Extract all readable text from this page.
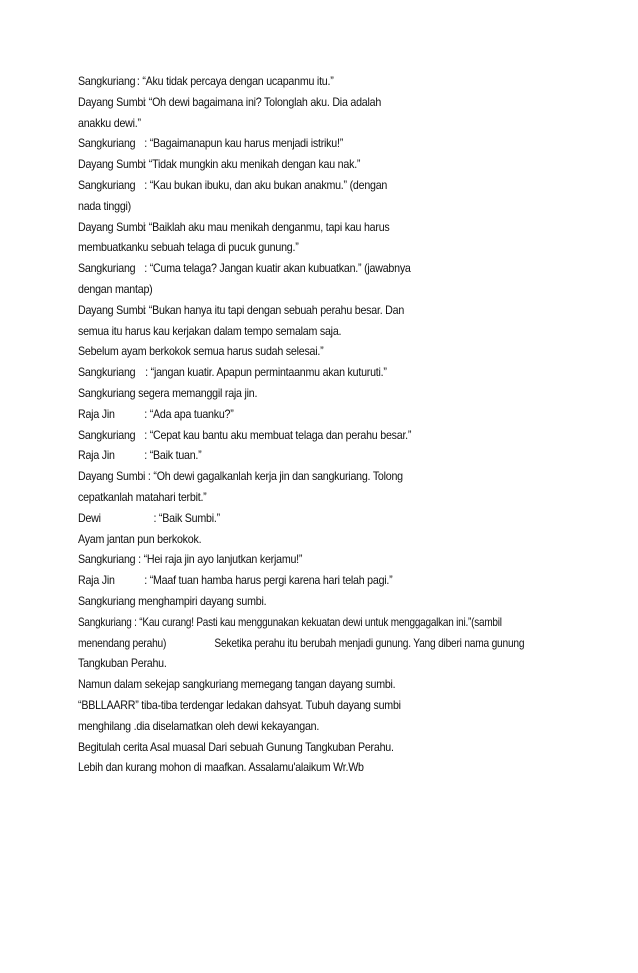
Sangkuriang : “Aku tidak percaya dengan ucapanmu itu.”
Dayang Sumbi
: “Oh dewi bagaimana ini? Tolonglah aku. Dia adalah
anakku dewi.”
Sangkuriang : “Bagaimanapun kau harus menjadi istriku!”
Dayang Sumbi
: “Tidak mungkin aku menikah dengan kau nak.”
Sangkuriang : “Kau bukan ibuku, dan aku bukan anakmu.” (dengan
nada tinggi)
Dayang Sumbi
: “Baiklah aku mau menikah denganmu, tapi kau harus
membuatkanku sebuah telaga di pucuk gunung.”
Sangkuriang : “Cuma telaga? Jangan kuatir akan kubuatkan.” (jawabnya
dengan mantap)
Dayang Sumbi
: “Bukan hanya itu tapi dengan sebuah perahu besar. Dan
semua itu harus kau kerjakan dalam tempo semalam saja.
Sebelum ayam berkokok semua harus sudah selesai.”
Sangkuriang : “jangan kuatir. Apapun permintaanmu akan kuturuti.”
Sangkuriang segera memanggil raja jin.
Raja Jin	: “Ada apa tuanku?”
Sangkuriang : “Cepat kau bantu aku membuat telaga dan perahu besar.”
Raja Jin	: “Baik tuan.”
Dayang Sumbi : “Oh dewi gagalkanlah kerja jin dan sangkuriang. Tolong
cepatkanlah matahari terbit.”
Dewi	: “Baik Sumbi.”
Ayam jantan pun berkokok.
Sangkuriang : “Hei raja jin ayo lanjutkan kerjamu!”
Raja Jin	: “Maaf tuan hamba harus pergi karena hari telah pagi.”
Sangkuriang menghampiri dayang sumbi.
Sangkuriang : “Kau curang! Pasti kau menggunakan kekuatan dewi untuk menggagalkan ini.”(sambil
menendang perahu)	Seketika perahu itu berubah menjadi gunung. Yang diberi nama gunung
Tangkuban Perahu.
Namun dalam sekejap sangkuriang memegang tangan dayang sumbi.
“BBLLAARR” tiba-tiba terdengar ledakan dahsyat. Tubuh dayang sumbi
menghilang .dia diselamatkan oleh dewi kekayangan.
Begitulah cerita Asal muasal Dari sebuah Gunung Tangkuban Perahu.
Lebih dan kurang mohon di maafkan. Assalamu'alaikum Wr.Wb
